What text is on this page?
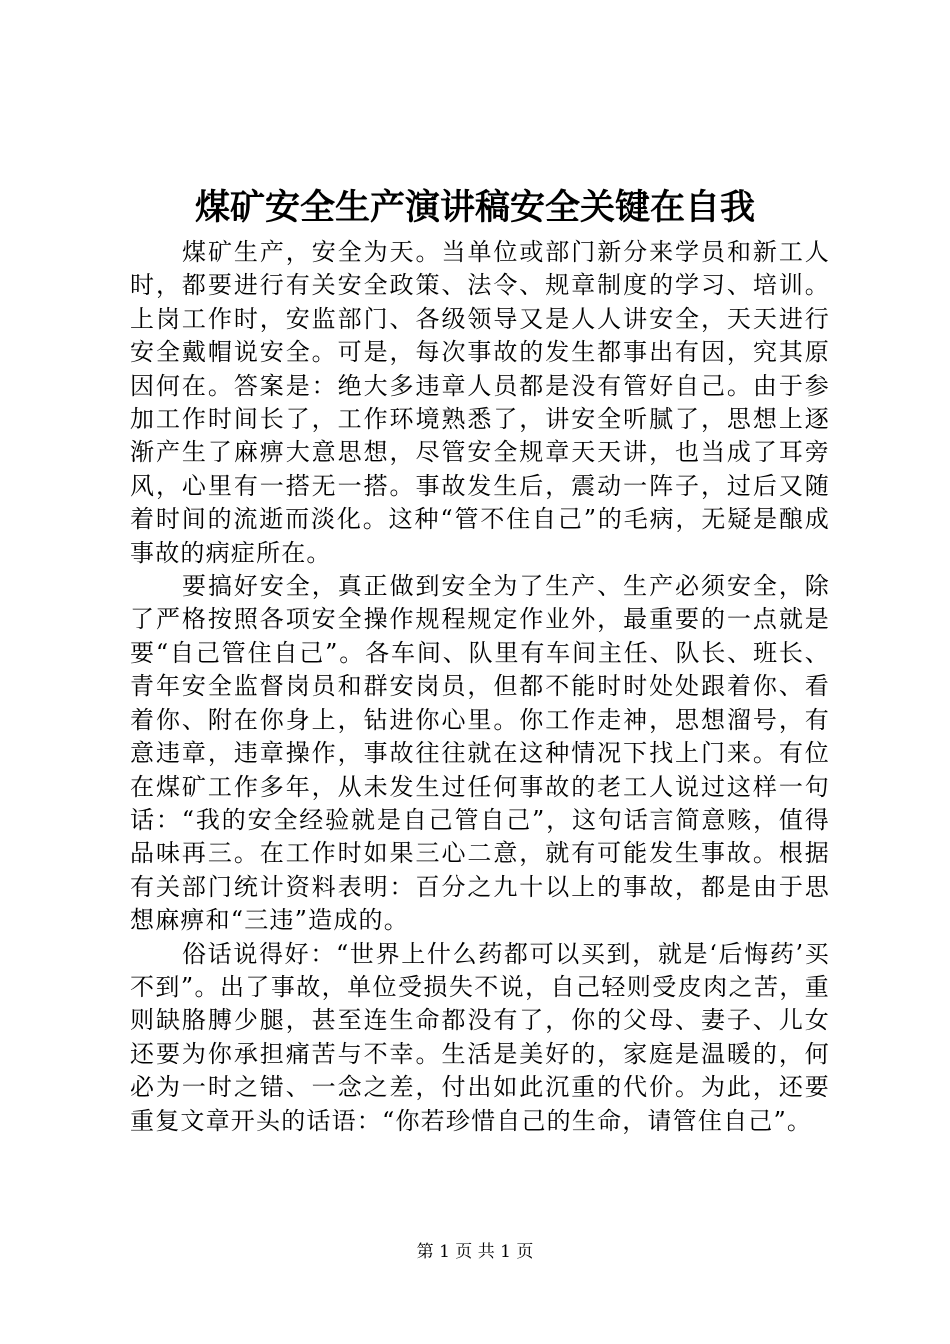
煤矿安全生产演讲稿安全关键在自我

煤矿生产，安全为天。当单位或部门新分来学员和新工人时，都要进行有关安全政策、法令、规章制度的学习、培训。上岗工作时，安监部门、各级领导又是人人讲安全，天天进行安全戴帽说安全。可是，每次事故的发生都事出有因，究其原因何在。答案是：绝大多违章人员都是没有管好自己。由于参加工作时间长了，工作环境熟悉了，讲安全听腻了，思想上逐渐产生了麻痹大意思想，尽管安全规章天天讲，也当成了耳旁风，心里有一搭无一搭。事故发生后，震动一阵子，过后又随着时间的流逝而淡化。这种“管不住自己”的毛病，无疑是酿成事故的病症所在。

要搞好安全，真正做到安全为了生产、生产必须安全，除了严格按照各项安全操作规程规定作业外，最重要的一点就是要“自己管住自己”。各车间、队里有车间主任、队长、班长、青年安全监督岗员和群安岗员，但都不能时时处处跟着你、看着你、附在你身上，钻进你心里。你工作走神，思想溜号，有意违章，违章操作，事故往往就在这种情况下找上门来。有位在煤矿工作多年，从未发生过任何事故的老工人说过这样一句话：“我的安全经验就是自己管自己”，这句话言简意赅，值得品味再三。在工作时如果三心二意，就有可能发生事故。根据有关部门统计资料表明：百分之九十以上的事故，都是由于思想麻痹和“三违”造成的。

俗话说得好：“世界上什么药都可以买到，就是‘后悔药’买不到”。出了事故，单位受损失不说，自己轻则受皮肉之苦，重则缺胳膊少腿，甚至连生命都没有了，你的父母、妻子、儿女还要为你承担痛苦与不幸。生活是美好的，家庭是温暖的，何必为一时之错、一念之差，付出如此沉重的代价。为此，还要重复文章开头的话语：“你若珍惜自己的生命，请管住自己”。

第 1 页 共 1 页
